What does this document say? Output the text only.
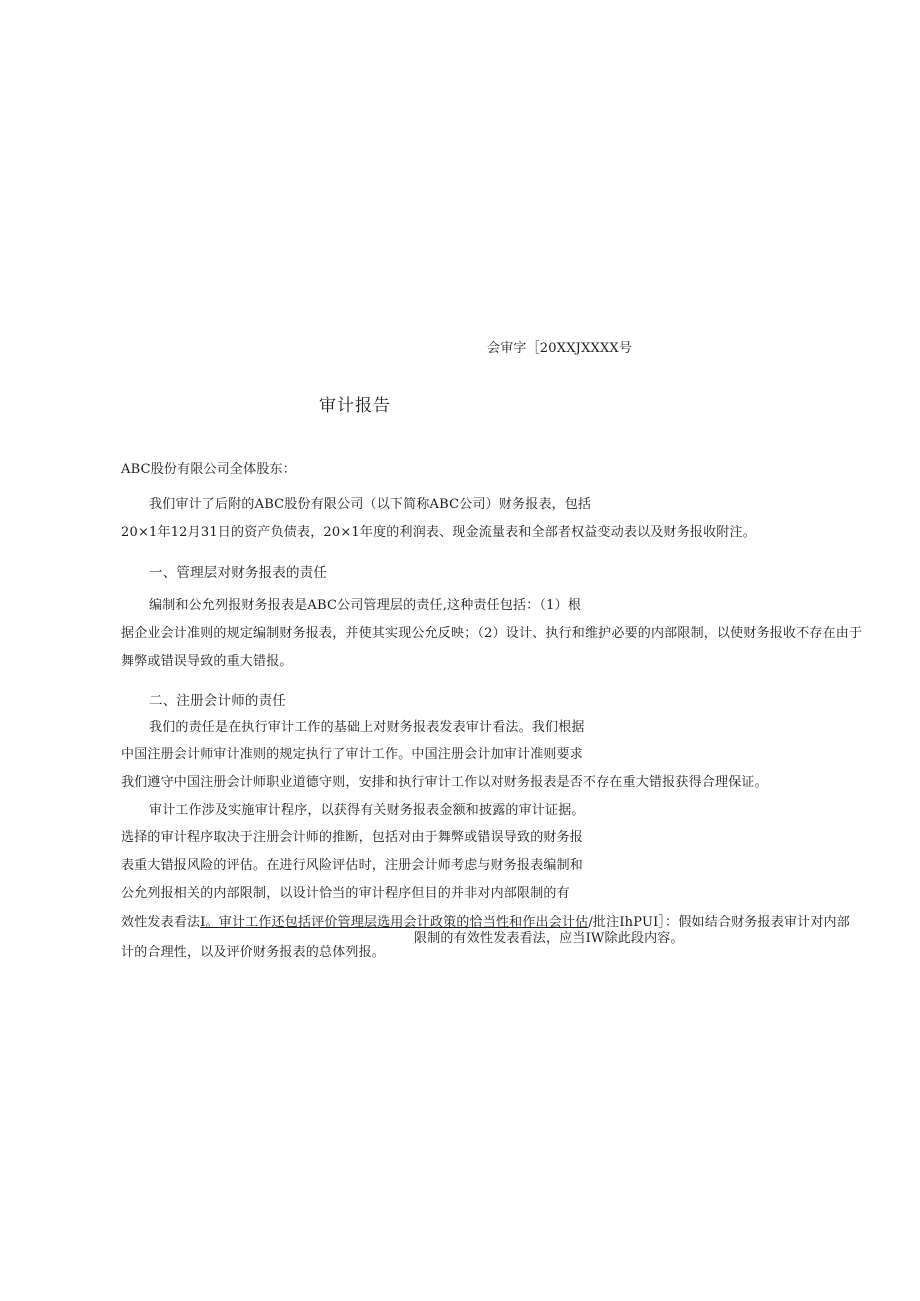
会审字［20XXJXXXX号
审计报告
ABC股份有限公司全体股东：
我们审计了后附的ABC股份有限公司（以下简称ABC公司）财务报表，包括
20×1年12月31日的资产负债表，20×1年度的利润表、现金流量表和全部者权益变动表以及财务报收附注。
一、管理层对财务报表的责任
编制和公允列报财务报表是ABC公司管理层的责任,这种责任包括：（1）根
据企业会计准则的规定编制财务报表，并使其实现公允反映；（2）设计、执行和维护必要的内部限制，以使财务报收不存在由于
舞弊或错误导致的重大错报。
二、注册会计师的责任
我们的责任是在执行审计工作的基础上对财务报表发表审计看法。我们根据
中国注册会计师审计准则的规定执行了审计工作。中国注册会计加审计准则要求
我们遵守中国注册会计师职业道德守则，安排和执行审计工作以对财务报表是否不存在重大错报获得合理保证。
审计工作涉及实施审计程序，以获得有关财务报表金额和披露的审计证据。
选择的审计程序取决于注册会计师的推断，包括对由于舞弊或错误导致的财务报
表重大错报风险的评估。在进行风险评估时，注册会计师考虑与财务报表编制和
公允列报相关的内部限制，以设计恰当的审计程序但目的并非对内部限制的有
效性发表看法I。审计工作还包括评价管理层选用会计政策的恰当性和作出会计估/批注IhPUI］：假如结合财务报表审计对内部
限制的有效性发表看法，应当IW除此段内容。
计的合理性，以及评价财务报表的总体列报。
